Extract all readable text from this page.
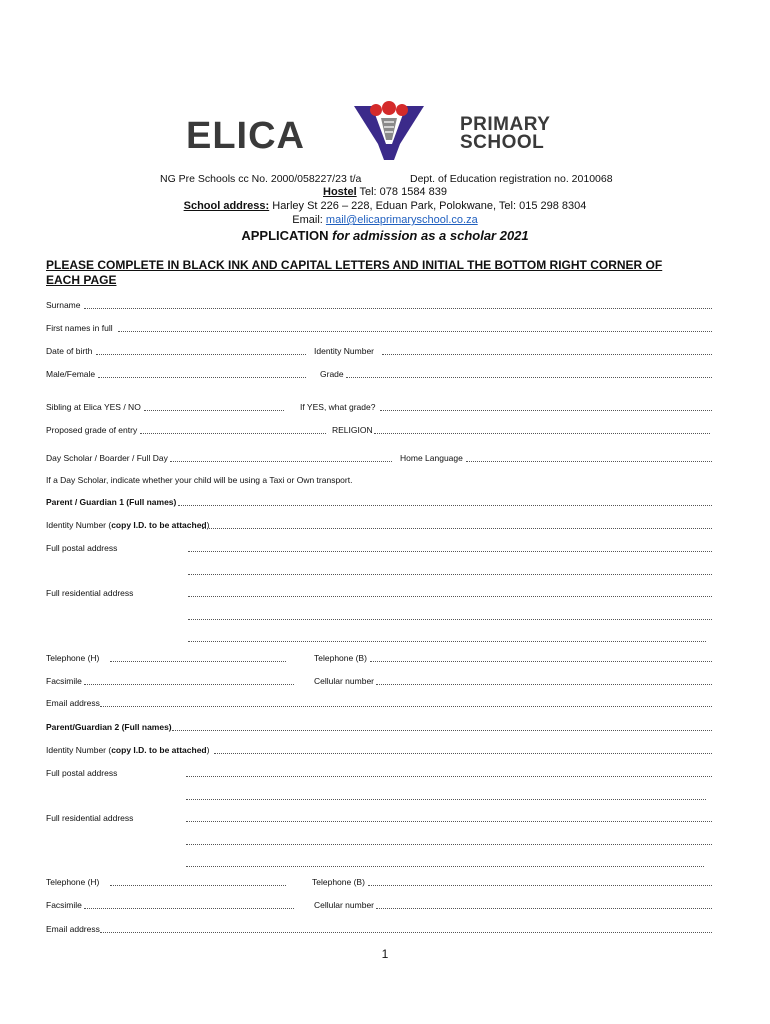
ELICA	PRIMARY
SCHOOL
NG Pre Schools cc No. 2000/058227/23 t/a	Dept. of Education registration no. 2010068
Hostel Tel: 078 1584 839
School address: Harley St 226 – 228, Eduan Park, Polokwane, Tel: 015 298 8304
Email: mail@elicaprimaryschool.co.za
APPLICATION for admission as a scholar 2021
PLEASE COMPLETE IN BLACK INK AND CAPITAL LETTERS AND INITIAL THE BOTTOM RIGHT CORNER OF EACH PAGE
Surname
First names in full
Date of birth	Identity Number
Male/Female	Grade
Sibling at Elica YES / NO	If YES, what grade?
Proposed grade of entry	RELIGION
Day Scholar / Boarder / Full Day	Home Language
If a Day Scholar, indicate whether your child will be using a Taxi or Own transport.
Parent / Guardian 1 (Full names)
Identity Number (copy I.D. to be attached)
Full postal address
Full residential address
Telephone (H)	Telephone (B)
Facsimile	Cellular number
Email address
Parent/Guardian 2 (Full names)
Identity Number (copy I.D. to be attached)
Full postal address
Full residential address
Telephone (H)	Telephone (B)
Facsimile	Cellular number
Email address
1
